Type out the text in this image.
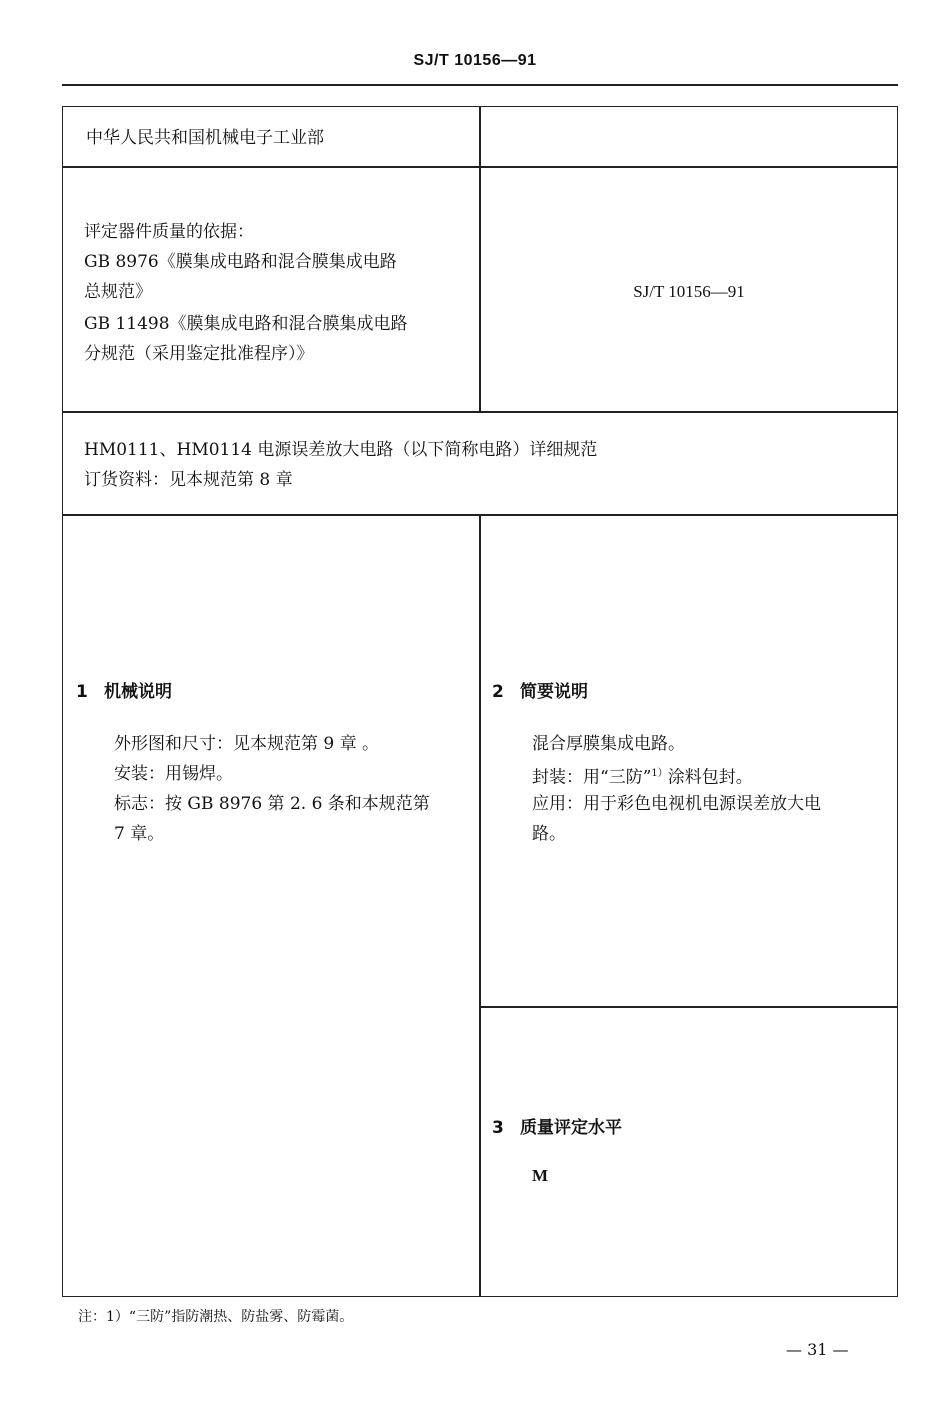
SJ/T 10156—91
中华人民共和国机械电子工业部
评定器件质量的依据：
GB 8976《膜集成电路和混合膜集成电路
总规范》
GB 11498《膜集成电路和混合膜集成电路
分规范（采用鉴定批准程序）》
SJ/T 10156—91
HM0111、HM0114 电源误差放大电路（以下简称电路）详细规范
订货资料：见本规范第 8 章
1 机械说明
外形图和尺寸：见本规范第 9 章 。
安装：用锡焊。
标志：按 GB 8976 第 2. 6 条和本规范第
7 章。
2 简要说明
混合厚膜集成电路。
封装：用“三防”$^{1)}$涂料包封。
应用：用于彩色电视机电源误差放大电
路。
3 质量评定水平
M
注：1）“三防”指防潮热、防盐雾、防霉菌。
— 31 —
